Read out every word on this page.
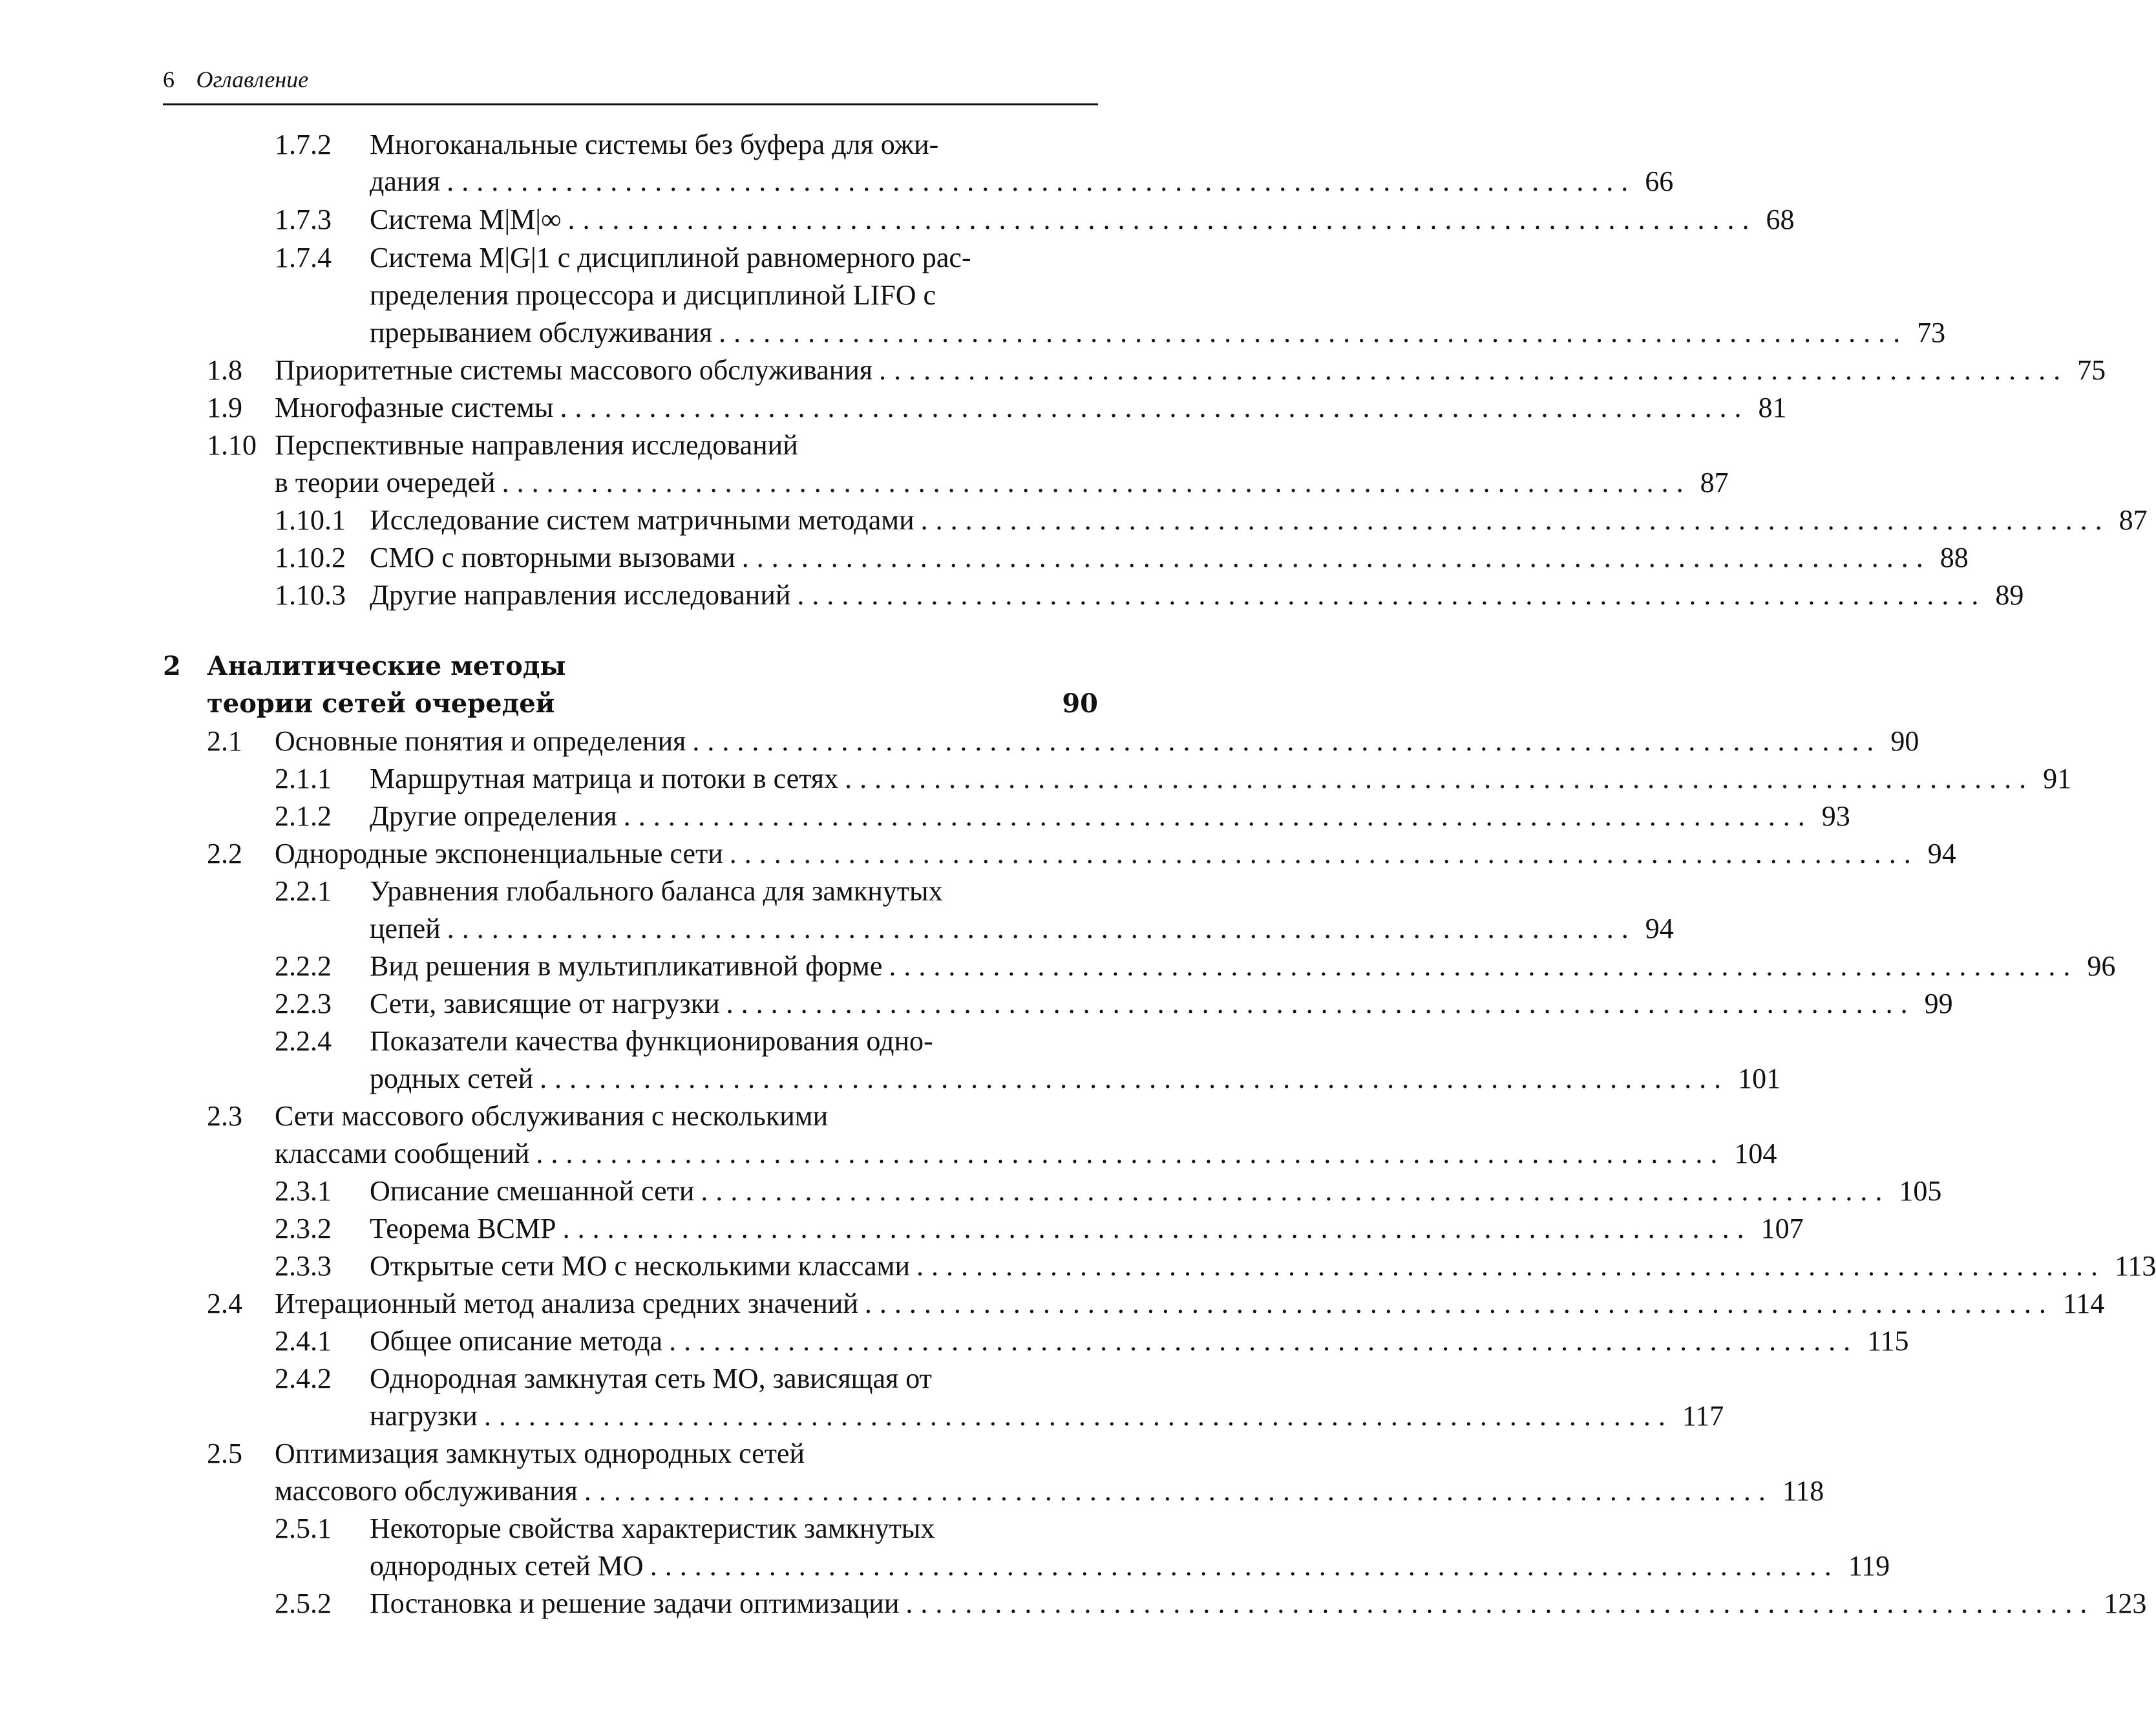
6 Оглавление
1.7.2 Многоканальные системы без буфера для ожи-
дания ................................................................................ 66
1.7.3 Система M|M|∞ ................................................................................ 68
1.7.4 Система M|G|1 с дисциплиной равномерного рас-
пределения процессора и дисциплиной LIFO с
прерыванием обслуживания ................................................................................ 73
1.8 Приоритетные системы массового обслуживания ................................................................................ 75
1.9 Многофазные системы ................................................................................ 81
1.10 Перспективные направления исследований
в теории очередей ................................................................................ 87
1.10.1 Исследование систем матричными методами ................................................................................ 87
1.10.2 СМО с повторными вызовами ................................................................................ 88
1.10.3 Другие направления исследований ................................................................................ 89
2 Аналитические методы
теории сетей очередей	90
2.1 Основные понятия и определения ................................................................................ 90
2.1.1 Маршрутная матрица и потоки в сетях ................................................................................ 91
2.1.2 Другие определения ................................................................................ 93
2.2 Однородные экспоненциальные сети ................................................................................ 94
2.2.1 Уравнения глобального баланса для замкнутых
цепей ................................................................................ 94
2.2.2 Вид решения в мультипликативной форме ................................................................................ 96
2.2.3 Сети, зависящие от нагрузки ................................................................................ 99
2.2.4 Показатели качества функционирования одно-
родных сетей ................................................................................ 101
2.3 Сети массового обслуживания с несколькими
классами сообщений ................................................................................ 104
2.3.1 Описание смешанной сети ................................................................................ 105
2.3.2 Теорема ВСМР ................................................................................ 107
2.3.3 Открытые сети МО с несколькими классами ................................................................................ 113
2.4 Итерационный метод анализа средних значений ................................................................................ 114
2.4.1 Общее описание метода ................................................................................ 115
2.4.2 Однородная замкнутая сеть МО, зависящая от
нагрузки ................................................................................ 117
2.5 Оптимизация замкнутых однородных сетей
массового обслуживания ................................................................................ 118
2.5.1 Некоторые свойства характеристик замкнутых
однородных сетей МО ................................................................................ 119
2.5.2 Постановка и решение задачи оптимизации ................................................................................ 123
